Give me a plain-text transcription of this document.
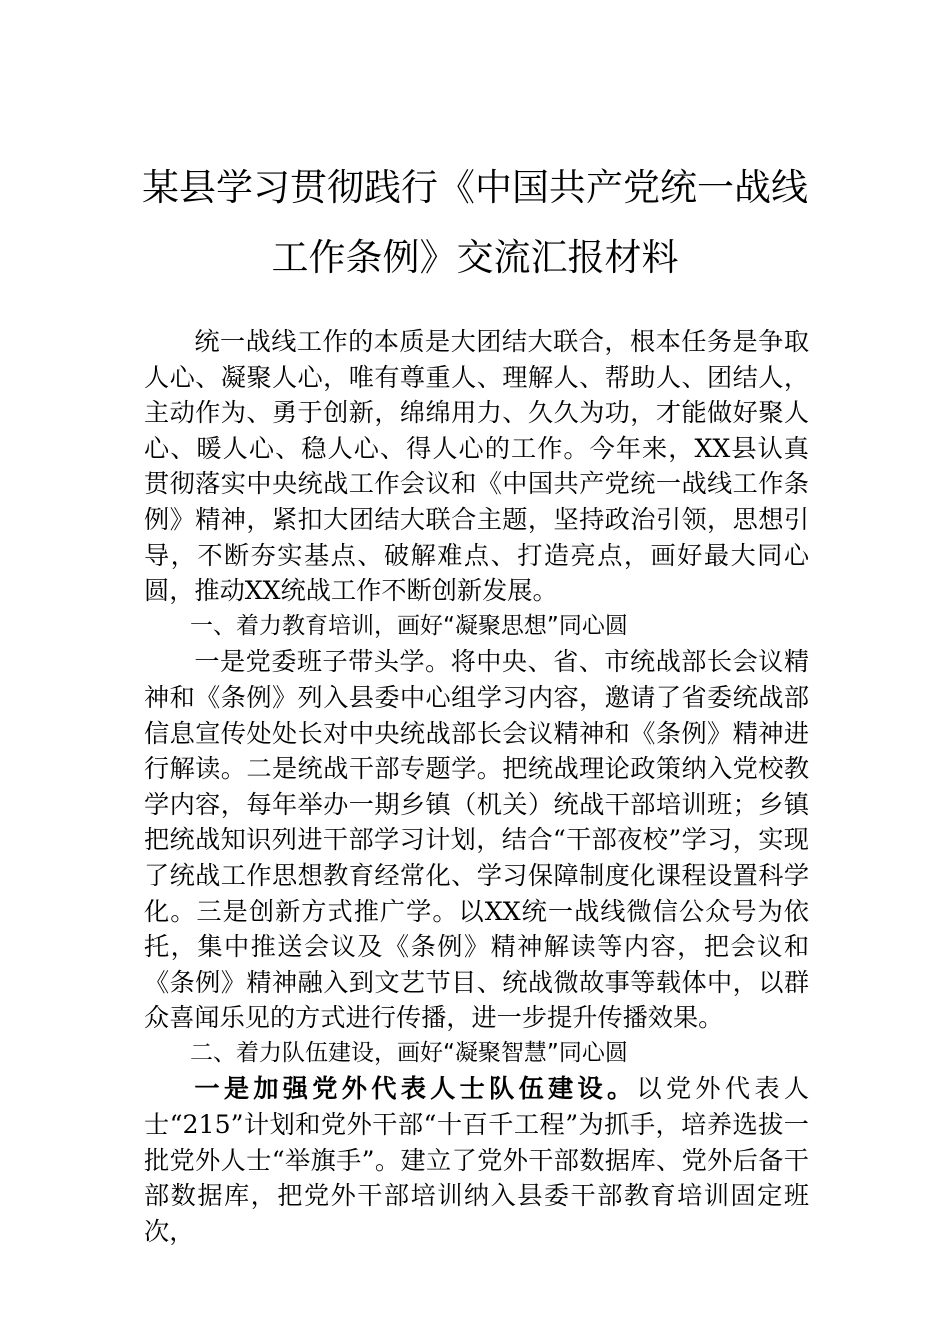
某县学习贯彻践行《中国共产党统一战线
工作条例》交流汇报材料

统一战线工作的本质是大团结大联合，根本任务是争取人心、凝聚人心，唯有尊重人、理解人、帮助人、团结人，主动作为、勇于创新，绵绵用力、久久为功，才能做好聚人心、暖人心、稳人心、得人心的工作。今年来，XX县认真贯彻落实中央统战工作会议和《中国共产党统一战线工作条例》精神，紧扣大团结大联合主题，坚持政治引领，思想引导，不断夯实基点、破解难点、打造亮点，画好最大同心圆，推动XX统战工作不断创新发展。

一、着力教育培训，画好“凝聚思想”同心圆

一是党委班子带头学。将中央、省、市统战部长会议精神和《条例》列入县委中心组学习内容，邀请了省委统战部信息宣传处处长对中央统战部长会议精神和《条例》精神进行解读。二是统战干部专题学。把统战理论政策纳入党校教学内容，每年举办一期乡镇（机关）统战干部培训班；乡镇把统战知识列进干部学习计划，结合“干部夜校”学习，实现了统战工作思想教育经常化、学习保障制度化课程设置科学化。三是创新方式推广学。以XX统一战线微信公众号为依托，集中推送会议及《条例》精神解读等内容，把会议和《条例》精神融入到文艺节目、统战微故事等载体中，以群众喜闻乐见的方式进行传播，进一步提升传播效果。

二、着力队伍建设，画好“凝聚智慧”同心圆

一是加强党外代表人士队伍建设。以党外代表人士“215”计划和党外干部“十百千工程”为抓手，培养选拔一批党外人士“举旗手”。建立了党外干部数据库、党外后备干部数据库，把党外干部培训纳入县委干部教育培训固定班次，
